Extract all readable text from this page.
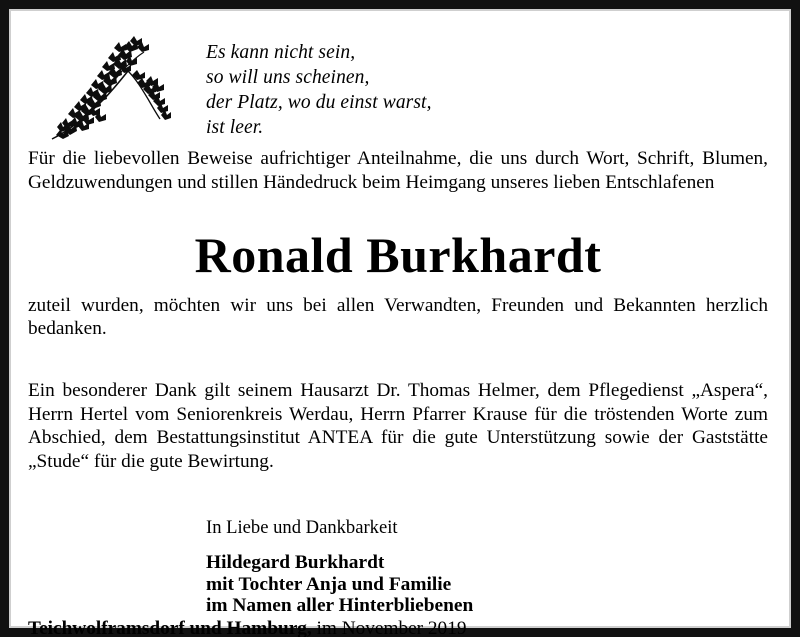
Es kann nicht sein,
so will uns scheinen,
der Platz, wo du einst warst,
ist leer.

Für die liebevollen Beweise aufrichtiger Anteilnahme, die uns durch Wort, Schrift, Blumen, Geldzuwendungen und stillen Händedruck beim Heimgang unseres lieben Entschlafenen

Ronald Burkhardt

zuteil wurden, möchten wir uns bei allen Verwandten, Freunden und Bekannten herzlich bedanken.

Ein besonderer Dank gilt seinem Hausarzt Dr. Thomas Helmer, dem Pflegedienst „Aspera“, Herrn Hertel vom Seniorenkreis Werdau, Herrn Pfarrer Krause für die tröstenden Worte zum Abschied, dem Bestattungsinstitut ANTEA für die gute Unterstützung sowie der Gaststätte „Stude“ für die gute Bewirtung.

In Liebe und Dankbarkeit
Hildegard Burkhardt
mit Tochter Anja und Familie
im Namen aller Hinterbliebenen
Teichwolframsdorf und Hamburg, im November 2019
